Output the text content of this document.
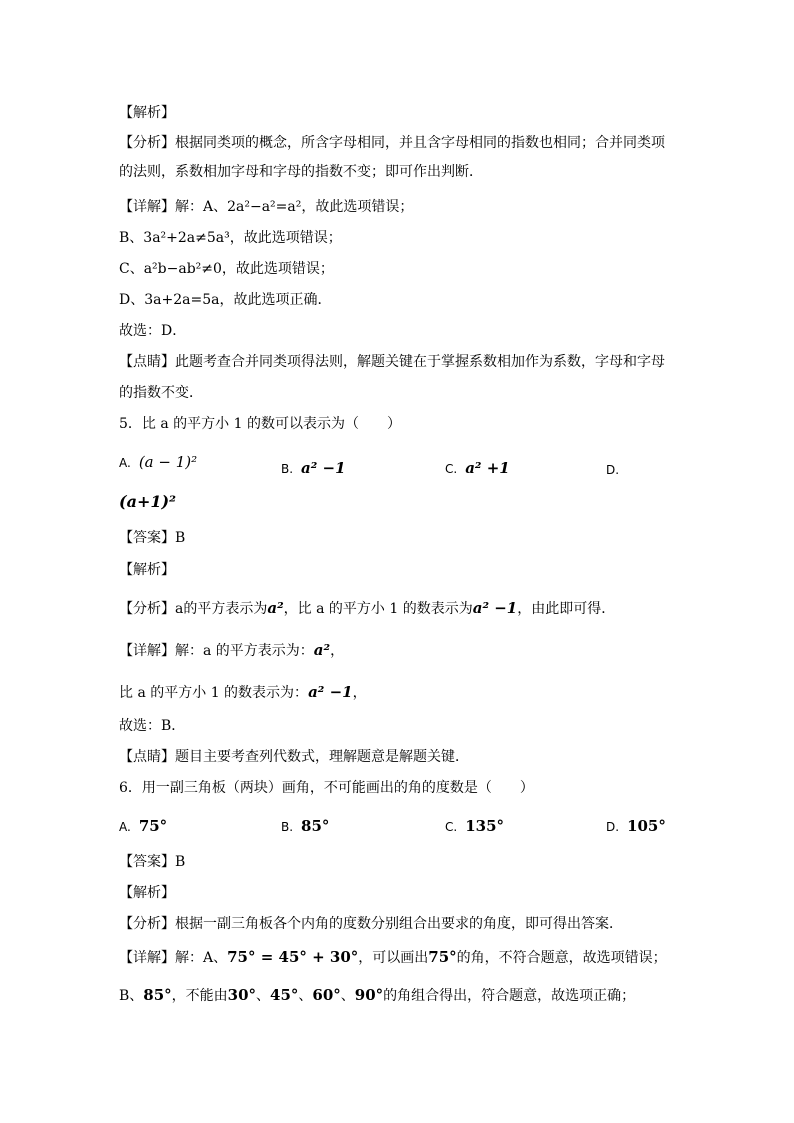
【解析】
【分析】根据同类项的概念，所含字母相同，并且含字母相同的指数也相同；合并同类项
的法则，系数相加字母和字母的指数不变；即可作出判断．
【详解】解：A、2a²−a²=a²，故此选项错误；
B、3a²+2a≠5a³，故此选项错误；
C、a²b−ab²≠0，故此选项错误；
D、3a+2a=5a，故此选项正确．
故选：D．
【点睛】此题考查合并同类项得法则，解题关键在于掌握系数相加作为系数，字母和字母
的指数不变．
5．比 a 的平方小 1 的数可以表示为（　　）
A. (a − 1)²	B. a² −1	C. a² +1	D.
(a+1)²
【答案】B
【解析】
【分析】a的平方表示为a²，比 a 的平方小 1 的数表示为a² −1，由此即可得．
【详解】解：a 的平方表示为：a²，
比 a 的平方小 1 的数表示为：a² −1，
故选：B．
【点睛】题目主要考查列代数式，理解题意是解题关键．
6．用一副三角板（两块）画角，不可能画出的角的度数是（　　）
A. 75°	B. 85°	C. 135°	D. 105°
【答案】B
【解析】
【分析】根据一副三角板各个内角的度数分别组合出要求的角度，即可得出答案．
【详解】解：A、75° = 45° + 30°，可以画出75°的角，不符合题意，故选项错误；
B、85°，不能由30°、45°、60°、90°的角组合得出，符合题意，故选项正确；
